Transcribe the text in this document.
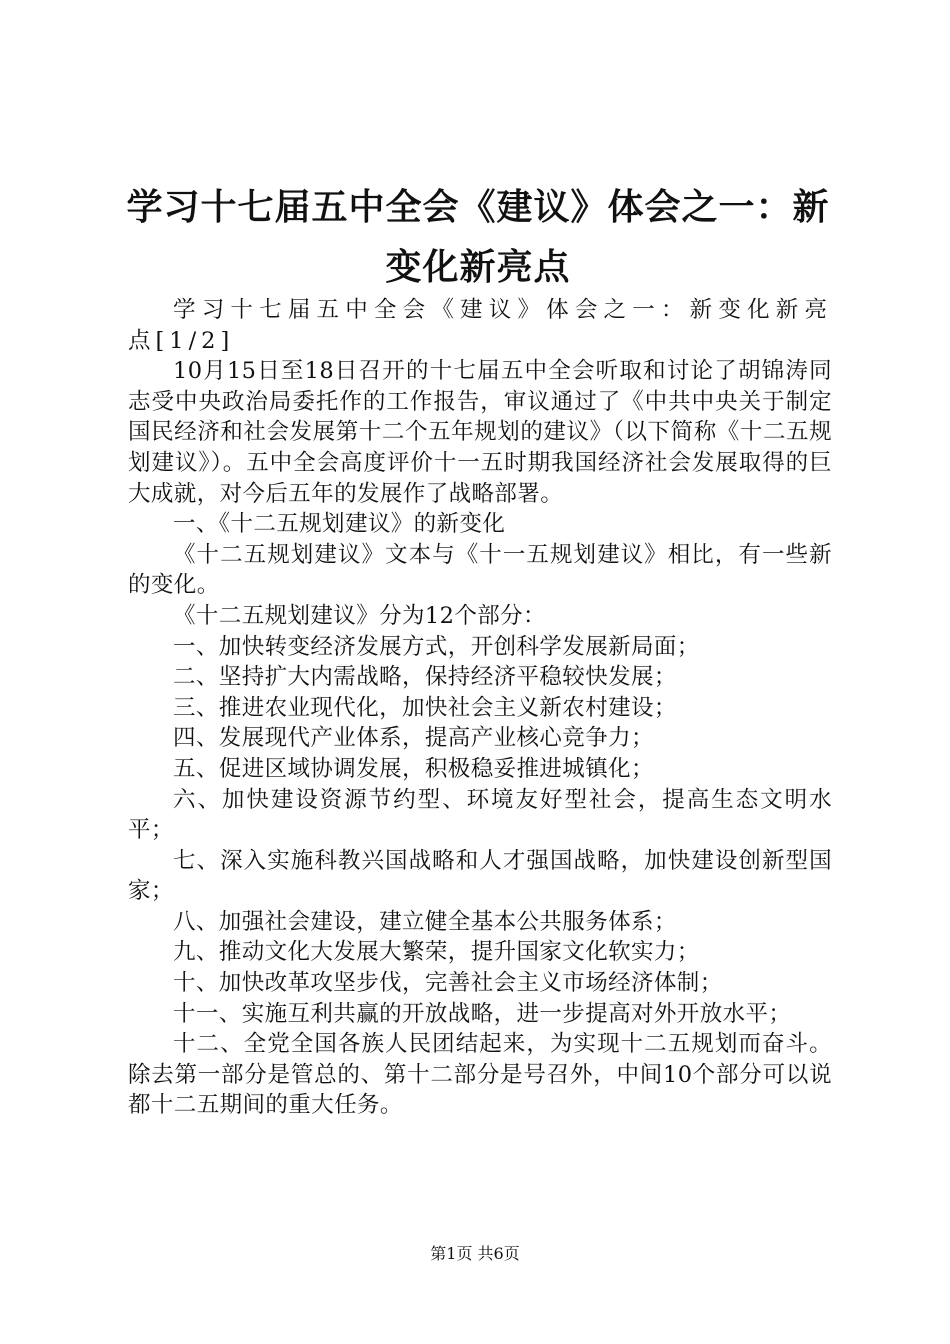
学习十七届五中全会《建议》体会之一：新变化新亮点

学习十七届五中全会《建议》体会之一：新变化新亮点[1/2]

10月15日至18日召开的十七届五中全会听取和讨论了胡锦涛同志受中央政治局委托作的工作报告，审议通过了《中共中央关于制定国民经济和社会发展第十二个五年规划的建议》（以下简称《十二五规划建议》）。五中全会高度评价十一五时期我国经济社会发展取得的巨大成就，对今后五年的发展作了战略部署。

一、《十二五规划建议》的新变化

《十二五规划建议》文本与《十一五规划建议》相比，有一些新的变化。

《十二五规划建议》分为12个部分：

一、加快转变经济发展方式，开创科学发展新局面；

二、坚持扩大内需战略，保持经济平稳较快发展；

三、推进农业现代化，加快社会主义新农村建设；

四、发展现代产业体系，提高产业核心竞争力；

五、促进区域协调发展，积极稳妥推进城镇化；

六、加快建设资源节约型、环境友好型社会，提高生态文明水平；

七、深入实施科教兴国战略和人才强国战略，加快建设创新型国家；

八、加强社会建设，建立健全基本公共服务体系；

九、推动文化大发展大繁荣，提升国家文化软实力；

十、加快改革攻坚步伐，完善社会主义市场经济体制；

十一、实施互利共赢的开放战略，进一步提高对外开放水平；

十二、全党全国各族人民团结起来，为实现十二五规划而奋斗。除去第一部分是管总的、第十二部分是号召外，中间10个部分可以说都十二五期间的重大任务。

第1页 共6页
